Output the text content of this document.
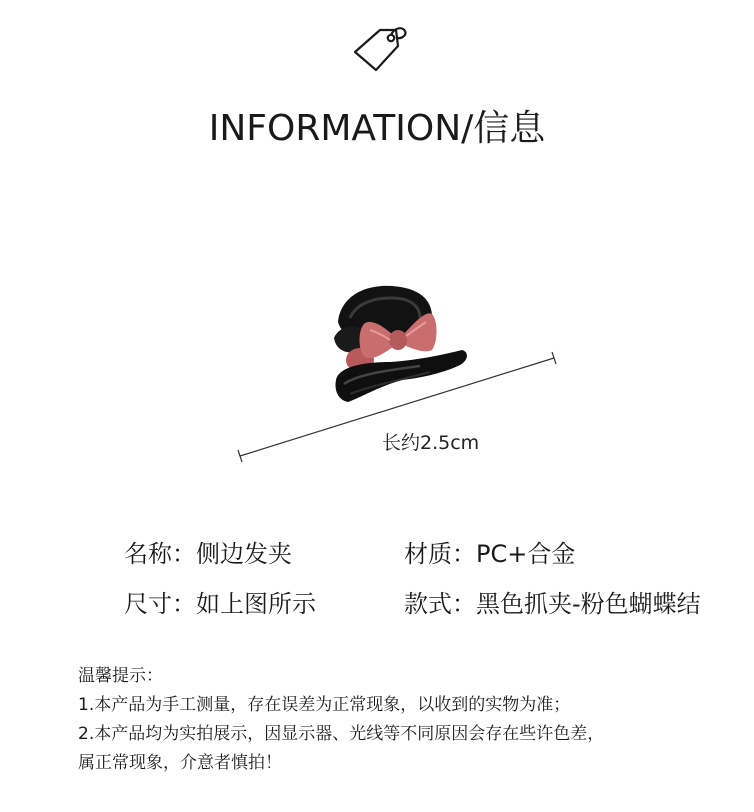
INFORMATION/信息
长约2.5cm
名称：侧边发夹	材质：PC+合金
尺寸：如上图所示	款式：黑色抓夹-粉色蝴蝶结
温馨提示：
1.本产品为手工测量，存在误差为正常现象，以收到的实物为准；
2.本产品均为实拍展示，因显示器、光线等不同原因会存在些许色差，
属正常现象，介意者慎拍！
